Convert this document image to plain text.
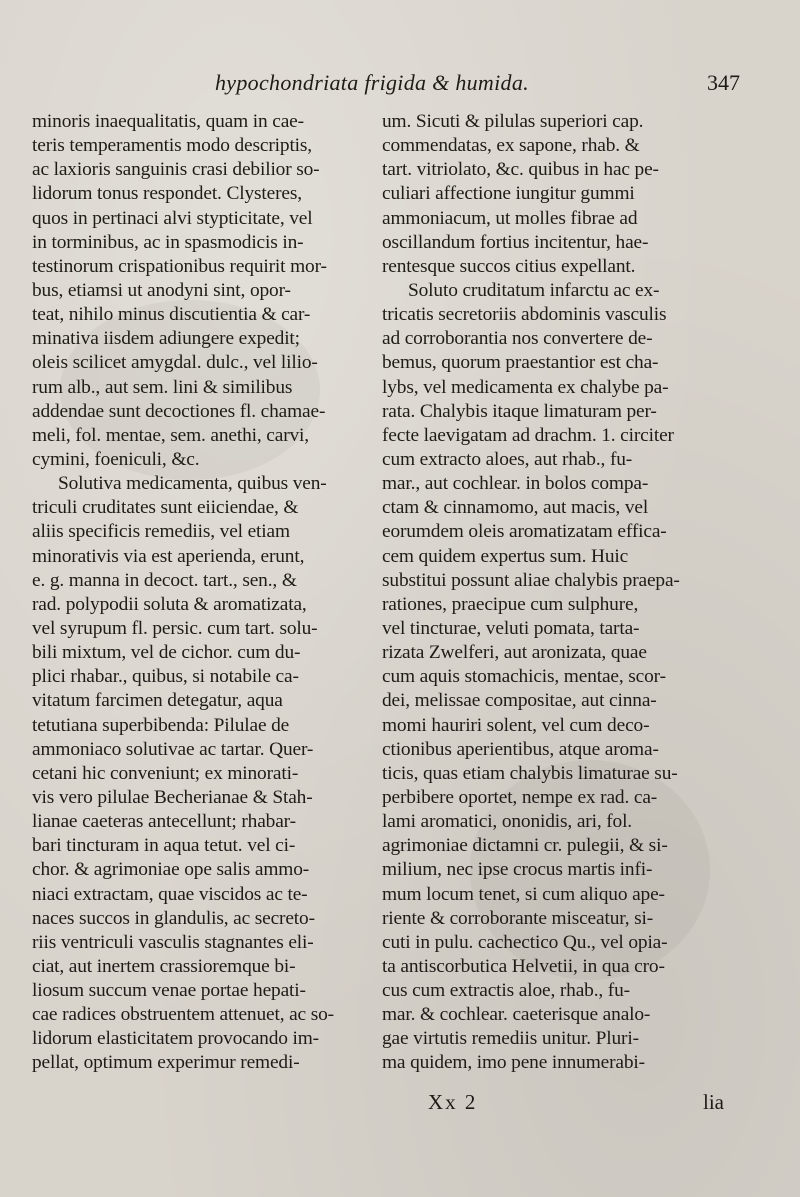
hypochondriata frigida & humida.	347
minoris inaequalitatis, quam in cae-
teris temperamentis modo descriptis,
ac laxioris sanguinis crasi debilior so-
lidorum tonus respondet. Clysteres,
quos in pertinaci alvi stypticitate, vel
in torminibus, ac in spasmodicis in-
testinorum crispationibus requirit mor-
bus, etiamsi ut anodyni sint, opor-
teat, nihilo minus discutientia & car-
minativa iisdem adiungere expedit;
oleis scilicet amygdal. dulc., vel lilio-
rum alb., aut sem. lini & similibus
addendae sunt decoctiones fl. chamae-
meli, fol. mentae, sem. anethi, carvi,
cymini, foeniculi, &c.
Solutiva medicamenta, quibus ven-
triculi cruditates sunt eiiciendae, &
aliis specificis remediis, vel etiam
minorativis via est aperienda, erunt,
e. g. manna in decoct. tart., sen., &
rad. polypodii soluta & aromatizata,
vel syrupum fl. persic. cum tart. solu-
bili mixtum, vel de cichor. cum du-
plici rhabar., quibus, si notabile ca-
vitatum farcimen detegatur, aqua
tetutiana superbibenda: Pilulae de
ammoniaco solutivae ac tartar. Quer-
cetani hic conveniunt; ex minorati-
vis vero pilulae Becherianae & Stah-
lianae caeteras antecellunt; rhabar-
bari tincturam in aqua tetut. vel ci-
chor. & agrimoniae ope salis ammo-
niaci extractam, quae viscidos ac te-
naces succos in glandulis, ac secreto-
riis ventriculi vasculis stagnantes eli-
ciat, aut inertem crassioremque bi-
liosum succum venae portae hepati-
cae radices obstruentem attenuet, ac so-
lidorum elasticitatem provocando im-
pellat, optimum experimur remedi-
um. Sicuti & pilulas superiori cap.
commendatas, ex sapone, rhab. &
tart. vitriolato, &c. quibus in hac pe-
culiari affectione iungitur gummi
ammoniacum, ut molles fibrae ad
oscillandum fortius incitentur, hae-
rentesque succos citius expellant.
Soluto cruditatum infarctu ac ex-
tricatis secretoriis abdominis vasculis
ad corroborantia nos convertere de-
bemus, quorum praestantior est cha-
lybs, vel medicamenta ex chalybe pa-
rata. Chalybis itaque limaturam per-
fecte laevigatam ad drachm. 1. circiter
cum extracto aloes, aut rhab., fu-
mar., aut cochlear. in bolos compa-
ctam & cinnamomo, aut macis, vel
eorumdem oleis aromatizatam effica-
cem quidem expertus sum. Huic
substitui possunt aliae chalybis praepa-
rationes, praecipue cum sulphure,
vel tincturae, veluti pomata, tarta-
rizata Zwelferi, aut aronizata, quae
cum aquis stomachicis, mentae, scor-
dei, melissae compositae, aut cinna-
momi hauriri solent, vel cum deco-
ctionibus aperientibus, atque aroma-
ticis, quas etiam chalybis limaturae su-
perbibere oportet, nempe ex rad. ca-
lami aromatici, ononidis, ari, fol.
agrimoniae dictamni cr. pulegii, & si-
milium, nec ipse crocus martis infi-
mum locum tenet, si cum aliquo ape-
riente & corroborante misceatur, si-
cuti in pulu. cachectico Qu., vel opia-
ta antiscorbutica Helvetii, in qua cro-
cus cum extractis aloe, rhab., fu-
mar. & cochlear. caeterisque analo-
gae virtutis remediis unitur. Pluri-
ma quidem, imo pene innumerabi-
Xx 2	lia
